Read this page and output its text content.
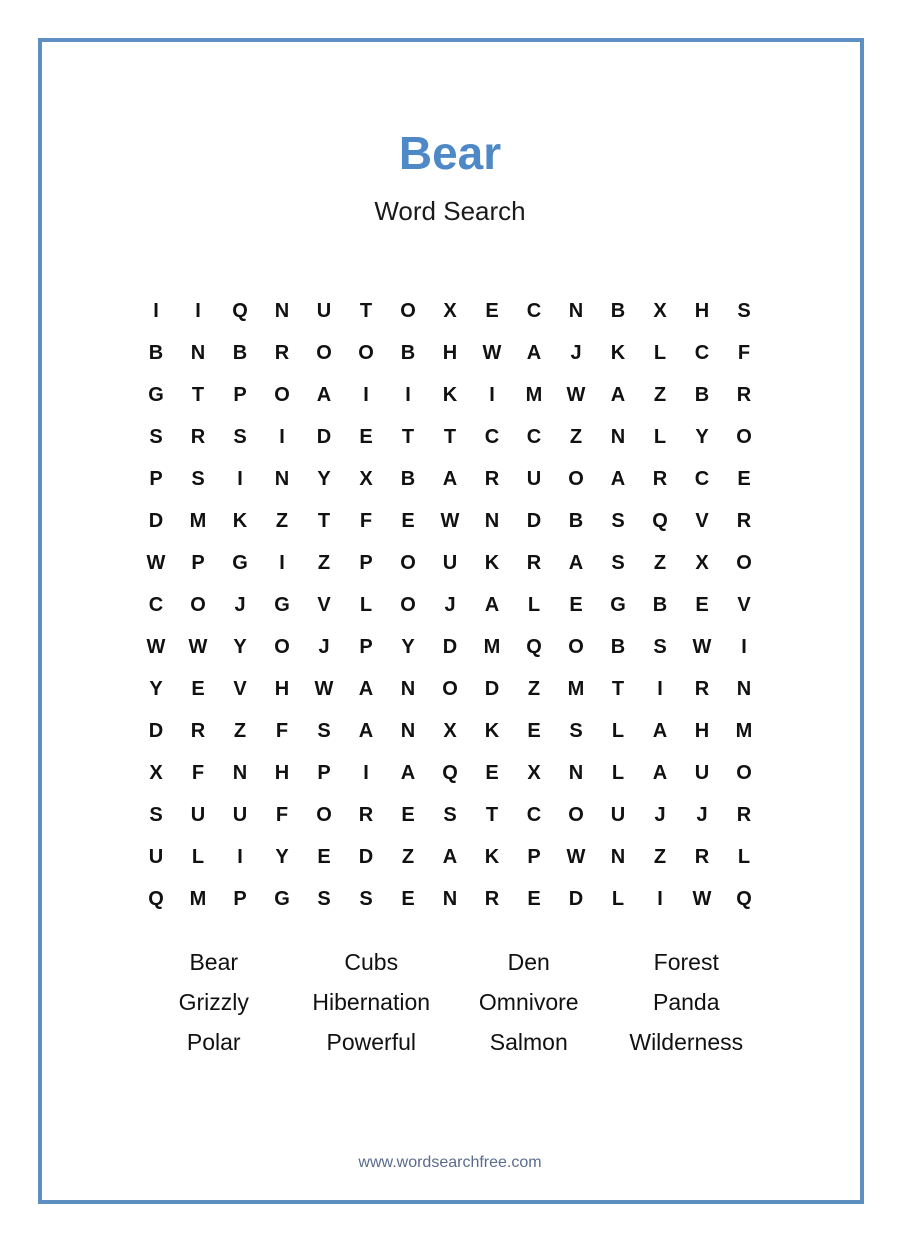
Bear
Word Search
I	I	Q	N	U	T	O	X	E	C	N	B	X	H	S
B	N	B	R	O	O	B	H	W	A	J	K	L	C	F
G	T	P	O	A	I	I	K	I	M	W	A	Z	B	R
S	R	S	I	D	E	T	T	C	C	Z	N	L	Y	O
P	S	I	N	Y	X	B	A	R	U	O	A	R	C	E
D	M	K	Z	T	F	E	W	N	D	B	S	Q	V	R
W	P	G	I	Z	P	O	U	K	R	A	S	Z	X	O
C	O	J	G	V	L	O	J	A	L	E	G	B	E	V
W	W	Y	O	J	P	Y	D	M	Q	O	B	S	W	I
Y	E	V	H	W	A	N	O	D	Z	M	T	I	R	N
D	R	Z	F	S	A	N	X	K	E	S	L	A	H	M
X	F	N	H	P	I	A	Q	E	X	N	L	A	U	O
S	U	U	F	O	R	E	S	T	C	O	U	J	J	R
U	L	I	Y	E	D	Z	A	K	P	W	N	Z	R	L
Q	M	P	G	S	S	E	N	R	E	D	L	I	W	Q
Bear	Cubs	Den	Forest
Grizzly	Hibernation	Omnivore	Panda
Polar	Powerful	Salmon	Wilderness
www.wordsearchfree.com
